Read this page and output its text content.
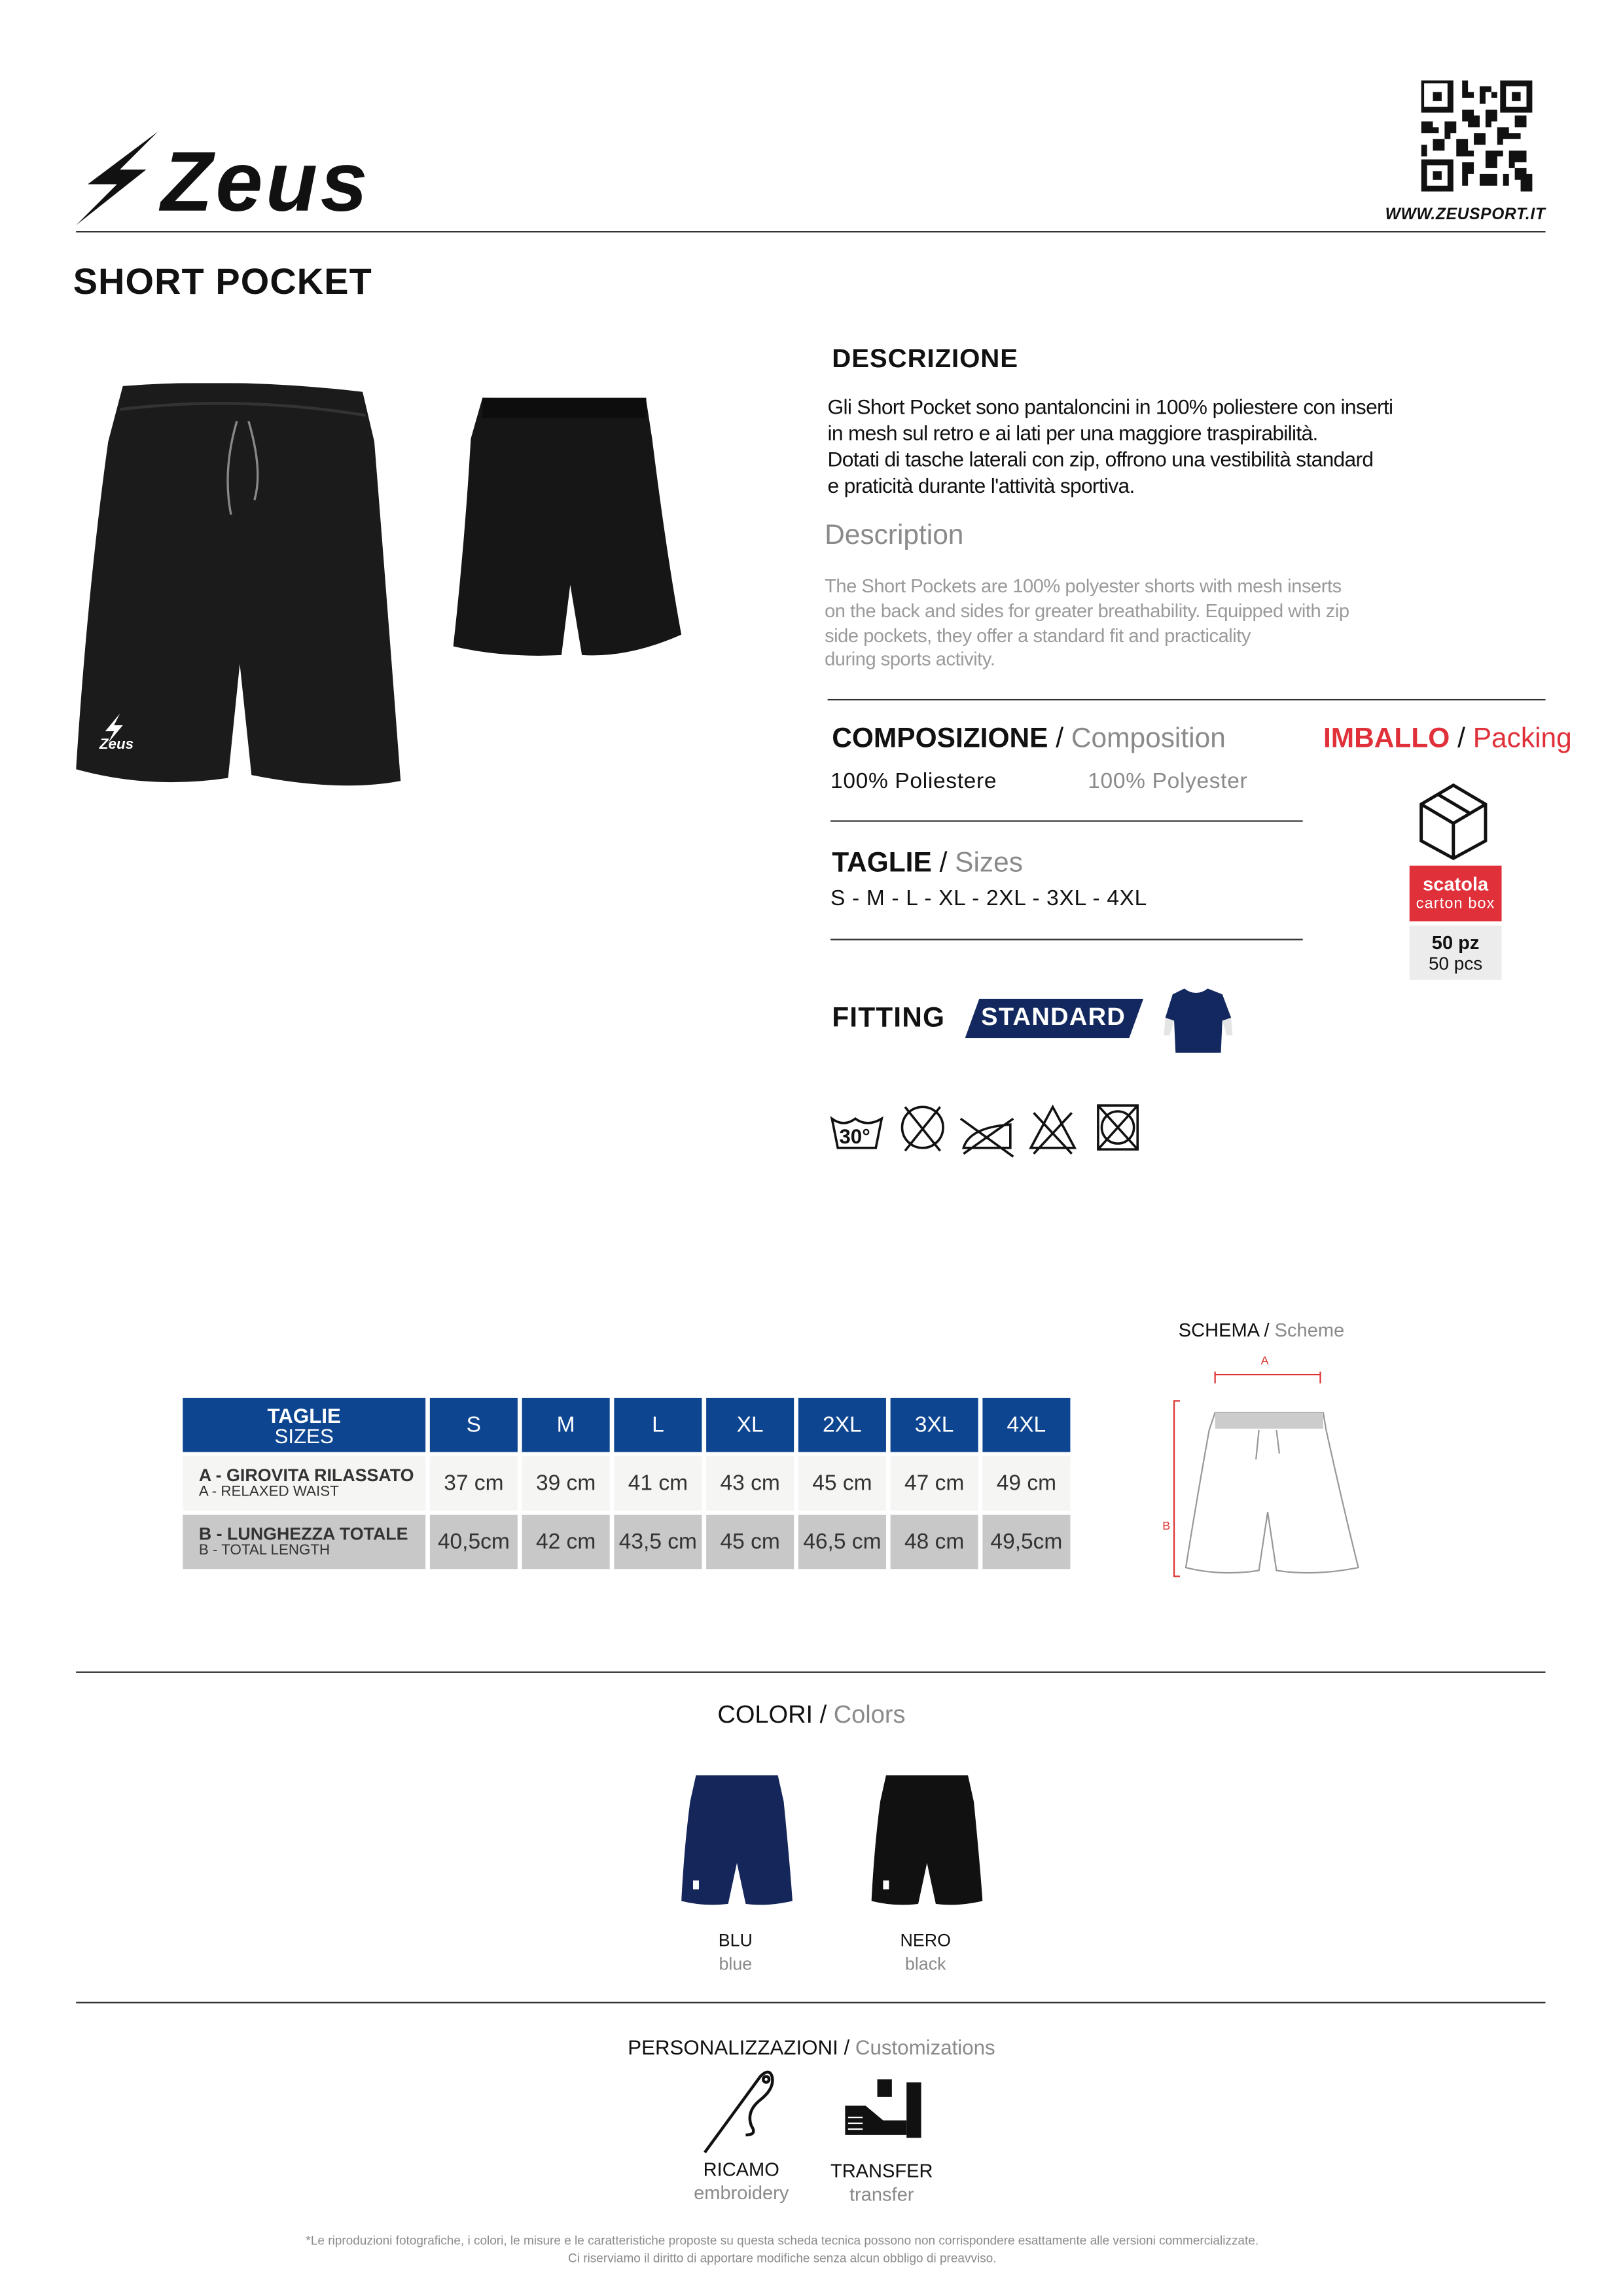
Zeus	WWW.ZEUSPORT.IT
SHORT POCKET
Zeus
DESCRIZIONE
Gli Short Pocket sono pantaloncini in 100% poliestere con inserti
in mesh sul retro e ai lati per una maggiore traspirabilità.
Dotati di tasche laterali con zip, offrono una vestibilità standard
e praticità durante l'attività sportiva.
Description
The Short Pockets are 100% polyester shorts with mesh inserts
on the back and sides for greater breathability. Equipped with zip
side pockets, they offer a standard fit and practicality
during sports activity.
COMPOSIZIONE / Composition
100% Poliestere	100% Polyester
TAGLIE / Sizes
S - M - L - XL - 2XL - 3XL - 4XL
FITTING	STANDARD
30°
IMBALLO / Packing
scatola
carton box
50 pz
50 pcs
SCHEMA / Scheme
A
B
TAGLIE
SIZES	S	M	L	XL	2XL	3XL	4XL

A - GIROVITA RILASSATO
A - RELAXED WAIST	37 cm	39 cm	41 cm	43 cm	45 cm	47 cm	49 cm

B - LUNGHEZZA TOTALE
B - TOTAL LENGTH	40,5cm	42 cm	43,5 cm	45 cm	46,5 cm	48 cm	49,5cm
COLORI / Colors
BLU
blue
NERO
black
PERSONALIZZAZIONI / Customizations
RICAMO
embroidery
TRANSFER
transfer
*Le riproduzioni fotografiche, i colori, le misure e le caratteristiche proposte su questa scheda tecnica possono non corrispondere esattamente alle versioni commercializzate.
Ci riserviamo il diritto di apportare modifiche senza alcun obbligo di preavviso.
